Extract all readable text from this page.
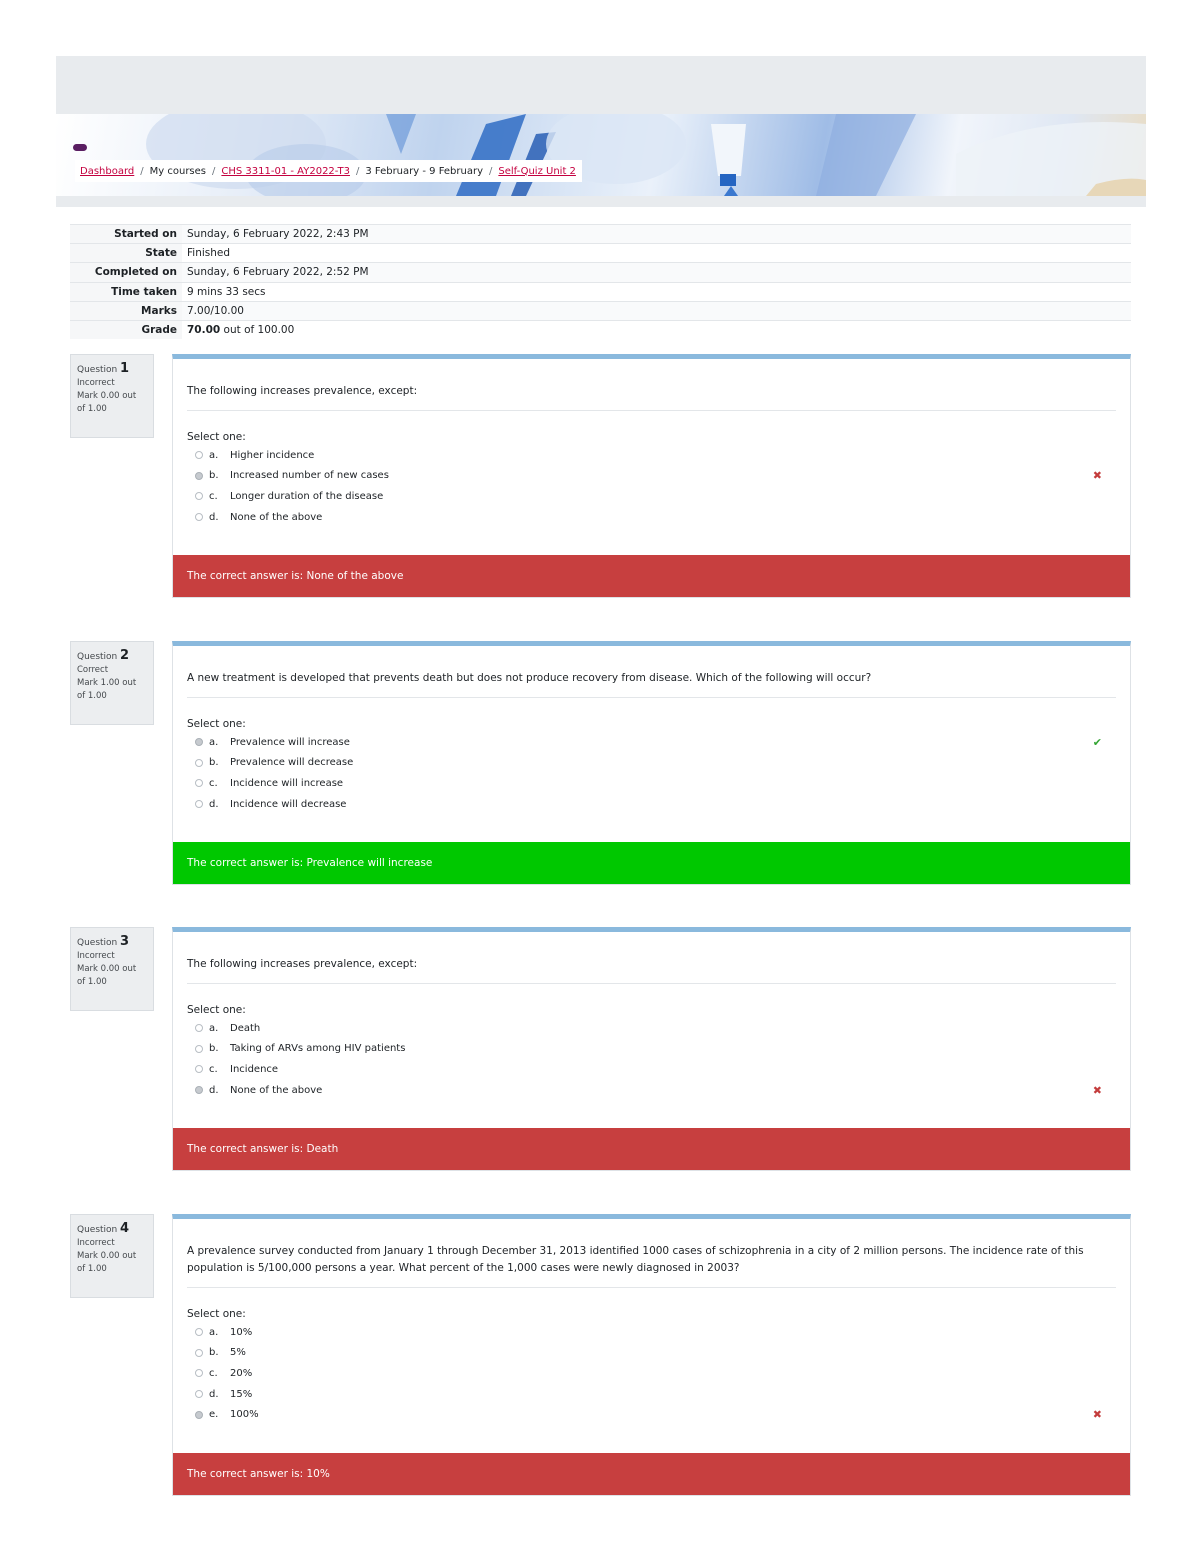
Dashboard / My courses / CHS 3311-01 - AY2022-T3 / 3 February - 9 February / Self-Quiz Unit 2
Started on	Sunday, 6 February 2022, 2:43 PM
State	Finished
Completed on	Sunday, 6 February 2022, 2:52 PM
Time taken	9 mins 33 secs
Marks	7.00/10.00
Grade	70.00 out of 100.00
Question 1
Incorrect
Mark 0.00 out of 1.00
The following increases prevalence, except:
Select one:
a.	Higher incidence
b.	Increased number of new cases	✖
c.	Longer duration of the disease
d.	None of the above
The correct answer is: None of the above
Question 2
Correct
Mark 1.00 out of 1.00
A new treatment is developed that prevents death but does not produce recovery from disease. Which of the following will occur?
Select one:
a.	Prevalence will increase	✔
b.	Prevalence will decrease
c.	Incidence will increase
d.	Incidence will decrease
The correct answer is: Prevalence will increase
Question 3
Incorrect
Mark 0.00 out of 1.00
The following increases prevalence, except:
Select one:
a.	Death
b.	Taking of ARVs among HIV patients
c.	Incidence
d.	None of the above	✖
The correct answer is: Death
Question 4
Incorrect
Mark 0.00 out of 1.00
A prevalence survey conducted from January 1 through December 31, 2013 identified 1000 cases of schizophrenia in a city of 2 million persons. The incidence rate of this population is 5/100,000 persons a year. What percent of the 1,000 cases were newly diagnosed in 2003?
Select one:
a.	10%
b.	5%
c.	20%
d.	15%
e.	100%	✖
The correct answer is: 10%
